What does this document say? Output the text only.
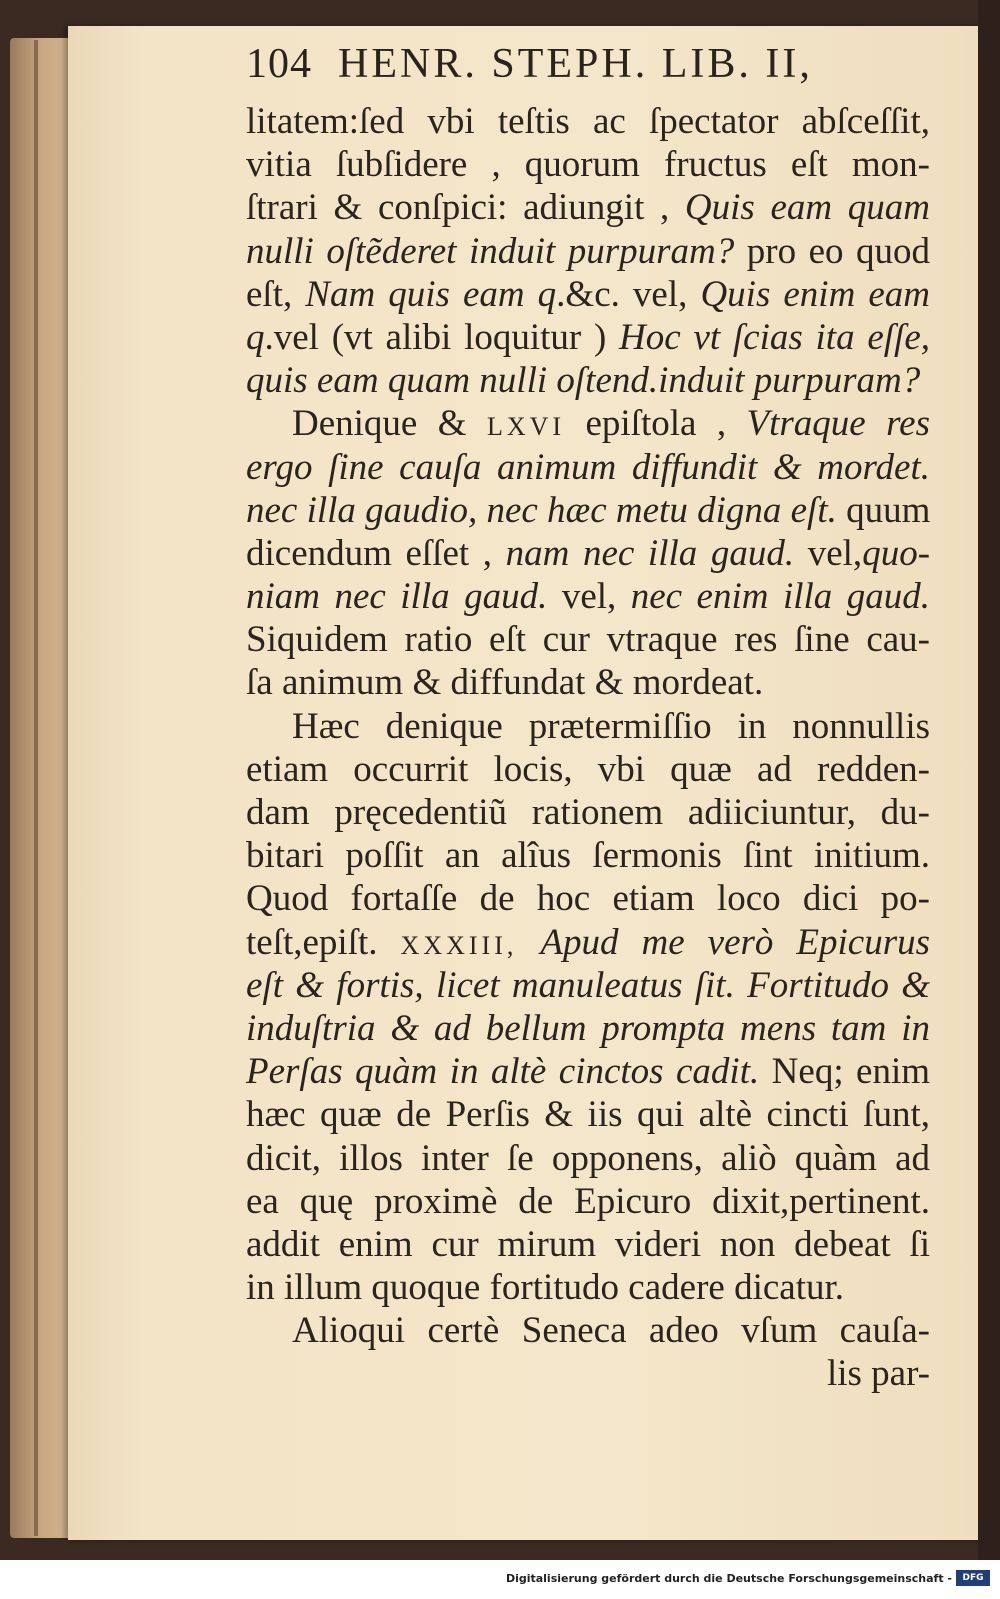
104 HENR. STEPH. LIB. II,
litatem:ſed vbi teſtis ac ſpectator abſceſſit,
vitia ſubſidere , quorum fructus eſt mon-
ſtrari & conſpici: adiungit , Quis eam quam
nulli oſtẽderet induit purpuram? pro eo quod
eſt, Nam quis eam q.&c. vel, Quis enim eam
q.vel (vt alibi loquitur ) Hoc vt ſcias ita eſſe,
quis eam quam nulli oſtend.induit purpuram?
Denique & LXVI epiſtola , Vtraque res
ergo ſine cauſa animum diffundit & mordet.
nec illa gaudio, nec hæc metu digna eſt. quum
dicendum eſſet , nam nec illa gaud. vel,quo-
niam nec illa gaud. vel, nec enim illa gaud.
Siquidem ratio eſt cur vtraque res ſine cau-
ſa animum & diffundat & mordeat.
Hæc denique prætermiſſio in nonnullis
etiam occurrit locis, vbi quæ ad redden-
dam pręcedentiũ rationem adiiciuntur, du-
bitari poſſit an alîus ſermonis ſint initium.
Quod fortaſſe de hoc etiam loco dici po-
teſt,epiſt. XXXIII, Apud me verò Epicurus
eſt & fortis, licet manuleatus ſit. Fortitudo &
induſtria & ad bellum prompta mens tam in
Perſas quàm in altè cinctos cadit. Neq; enim
hæc quæ de Perſis & iis qui altè cincti ſunt,
dicit, illos inter ſe opponens, aliò quàm ad
ea quę proximè de Epicuro dixit,pertinent.
addit enim cur mirum videri non debeat ſi
in illum quoque fortitudo cadere dicatur.
Alioqui certè Seneca adeo vſum cauſa-
lis par-
Digitalisierung gefördert durch die Deutsche Forschungsgemeinschaft -	DFG
